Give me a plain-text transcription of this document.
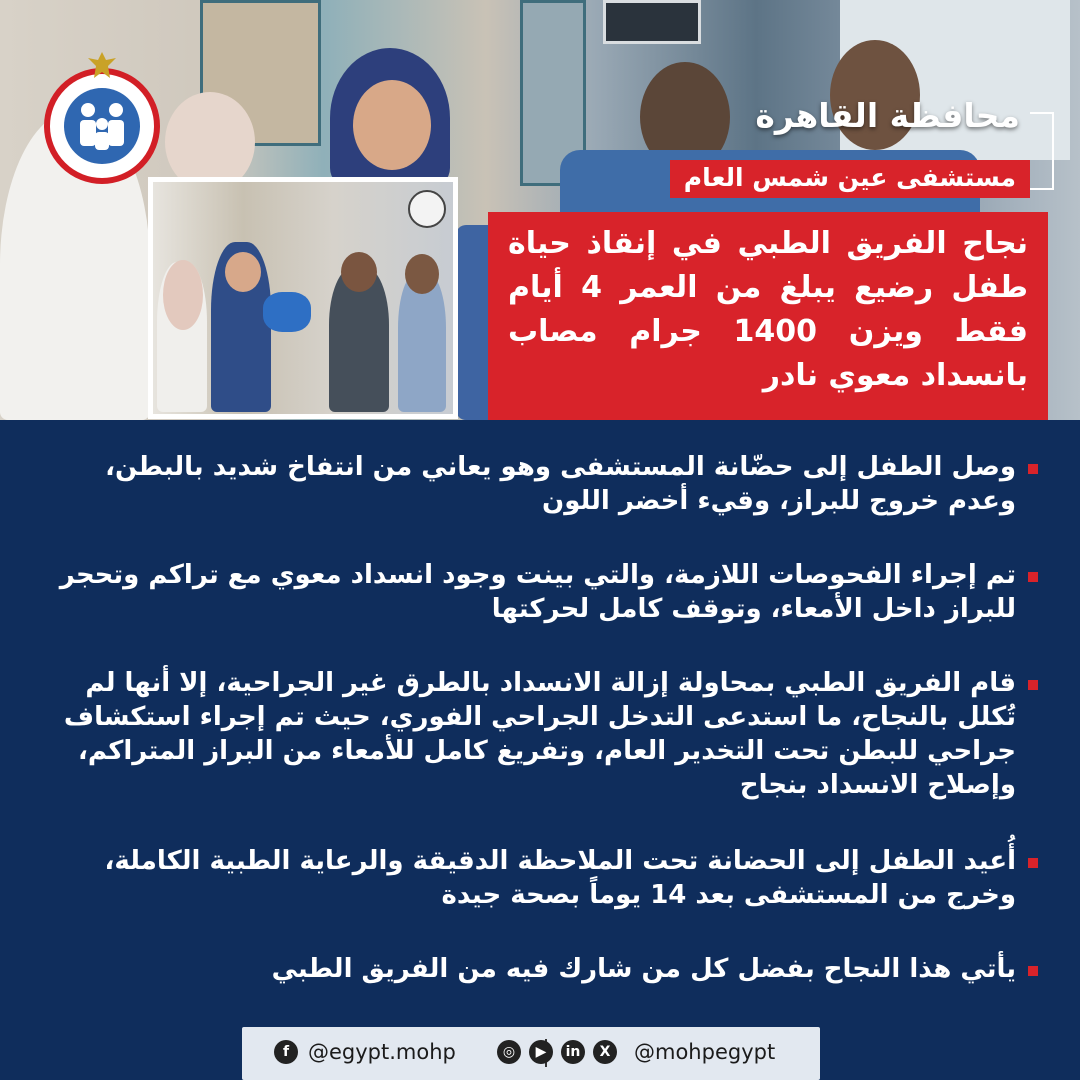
محافظة القاهرة
مستشفى عين شمس العام
نجاح الفريق الطبي في إنقاذ حياة طفل رضيع يبلغ من العمر 4 أيام فقط ويزن 1400 جرام مصاب بانسداد معوي نادر
وصل الطفل إلى حضّانة المستشفى وهو يعاني من انتفاخ شديد بالبطن، وعدم خروج للبراز، وقيء أخضر اللون
تم إجراء الفحوصات اللازمة، والتي بينت وجود انسداد معوي مع تراكم وتحجر للبراز داخل الأمعاء، وتوقف كامل لحركتها
قام الفريق الطبي بمحاولة إزالة الانسداد بالطرق غير الجراحية، إلا أنها لم تُكلل بالنجاح، ما استدعى التدخل الجراحي الفوري، حيث تم إجراء استكشاف جراحي للبطن تحت التخدير العام، وتفريغ كامل للأمعاء من البراز المتراكم، وإصلاح الانسداد بنجاح
أُعيد الطفل إلى الحضانة تحت الملاحظة الدقيقة والرعاية الطبية الكاملة، وخرج من المستشفى بعد 14 يوماً بصحة جيدة
يأتي هذا النجاح بفضل كل من شارك فيه من الفريق الطبي
f @egypt.mohp	◎	▶	in	X	@mohpegypt
